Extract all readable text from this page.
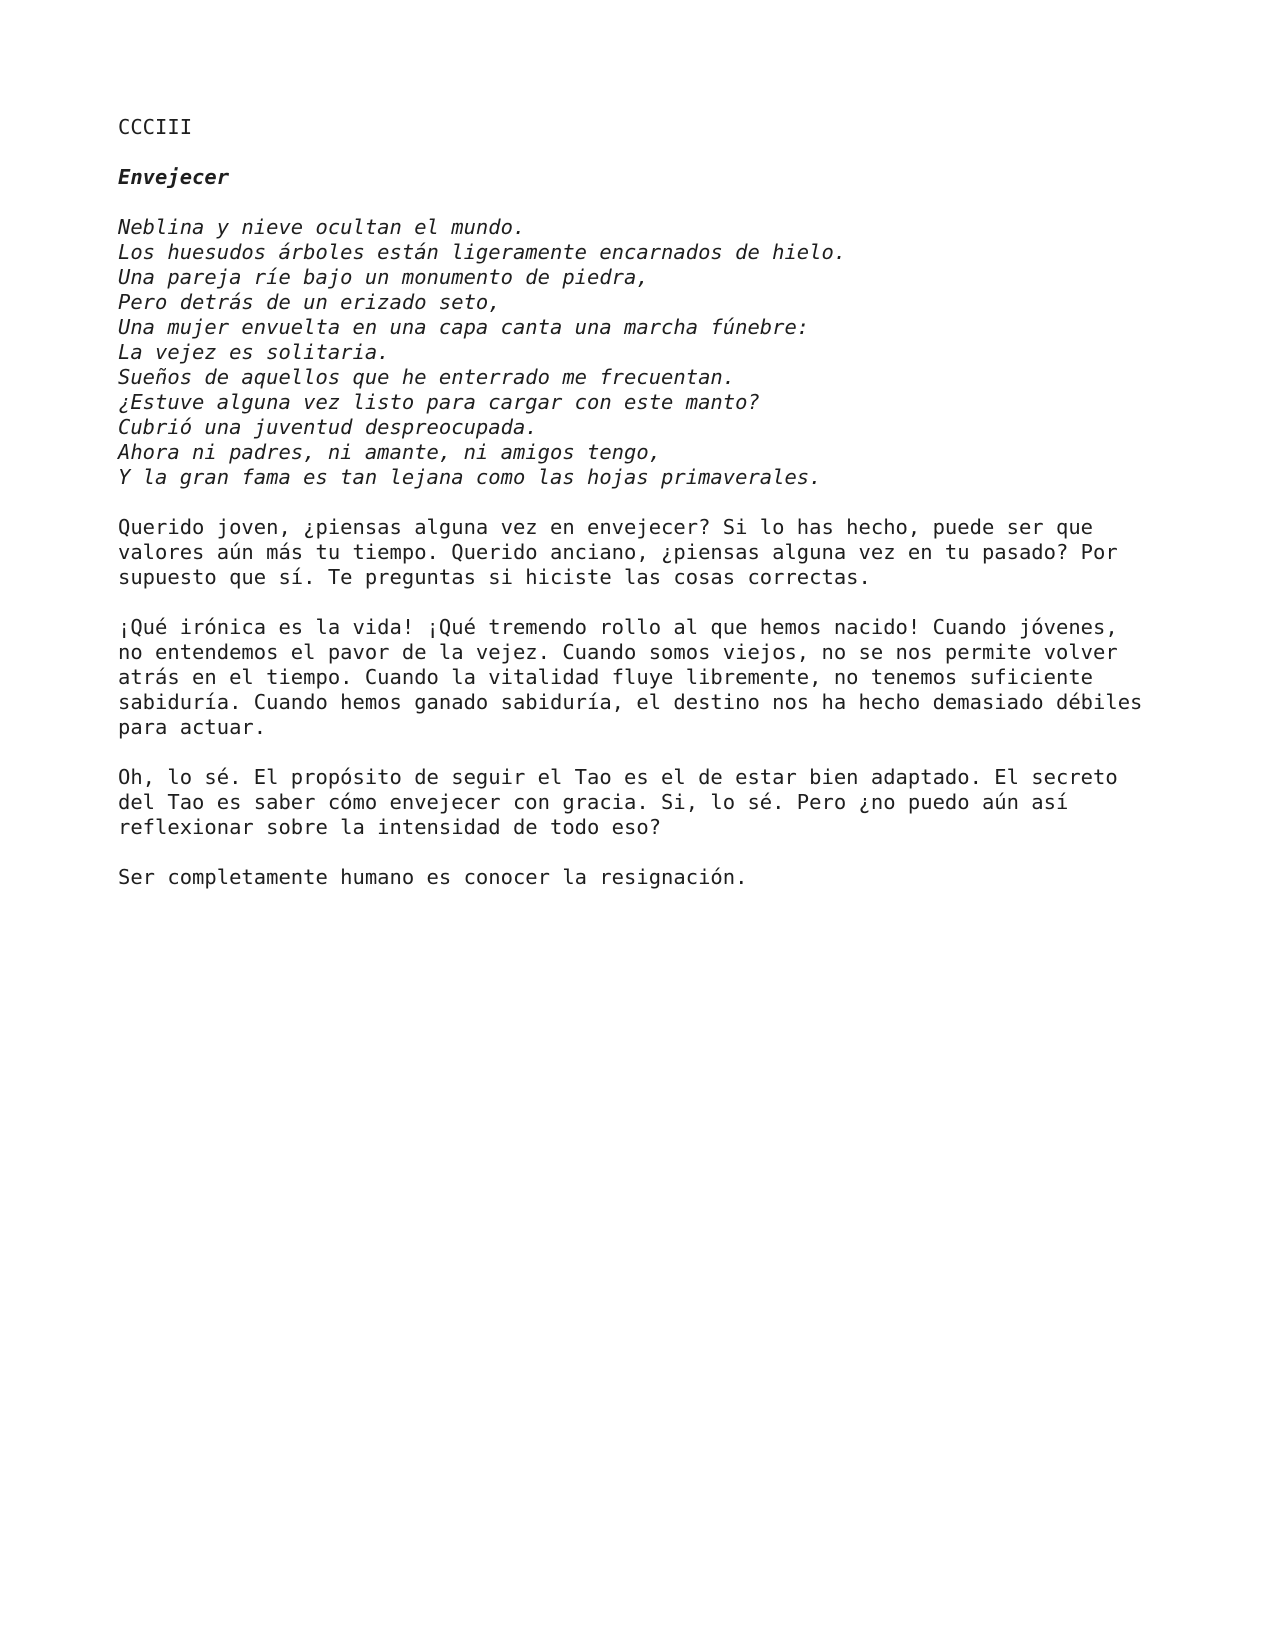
CCCIII
Envejecer
Neblina y nieve ocultan el mundo.
Los huesudos árboles están ligeramente encarnados de hielo.
Una pareja ríe bajo un monumento de piedra,
Pero detrás de un erizado seto,
Una mujer envuelta en una capa canta una marcha fúnebre:
La vejez es solitaria.
Sueños de aquellos que he enterrado me frecuentan.
¿Estuve alguna vez listo para cargar con este manto?
Cubrió una juventud despreocupada.
Ahora ni padres, ni amante, ni amigos tengo,
Y la gran fama es tan lejana como las hojas primaverales.
Querido joven, ¿piensas alguna vez en envejecer? Si lo has hecho, puede ser que
valores aún más tu tiempo. Querido anciano, ¿piensas alguna vez en tu pasado? Por
supuesto que sí. Te preguntas si hiciste las cosas correctas.
¡Qué irónica es la vida! ¡Qué tremendo rollo al que hemos nacido! Cuando jóvenes,
no entendemos el pavor de la vejez. Cuando somos viejos, no se nos permite volver
atrás en el tiempo. Cuando la vitalidad fluye libremente, no tenemos suficiente
sabiduría. Cuando hemos ganado sabiduría, el destino nos ha hecho demasiado débiles
para actuar.
Oh, lo sé. El propósito de seguir el Tao es el de estar bien adaptado. El secreto
del Tao es saber cómo envejecer con gracia. Si, lo sé. Pero ¿no puedo aún así
reflexionar sobre la intensidad de todo eso?
Ser completamente humano es conocer la resignación.
